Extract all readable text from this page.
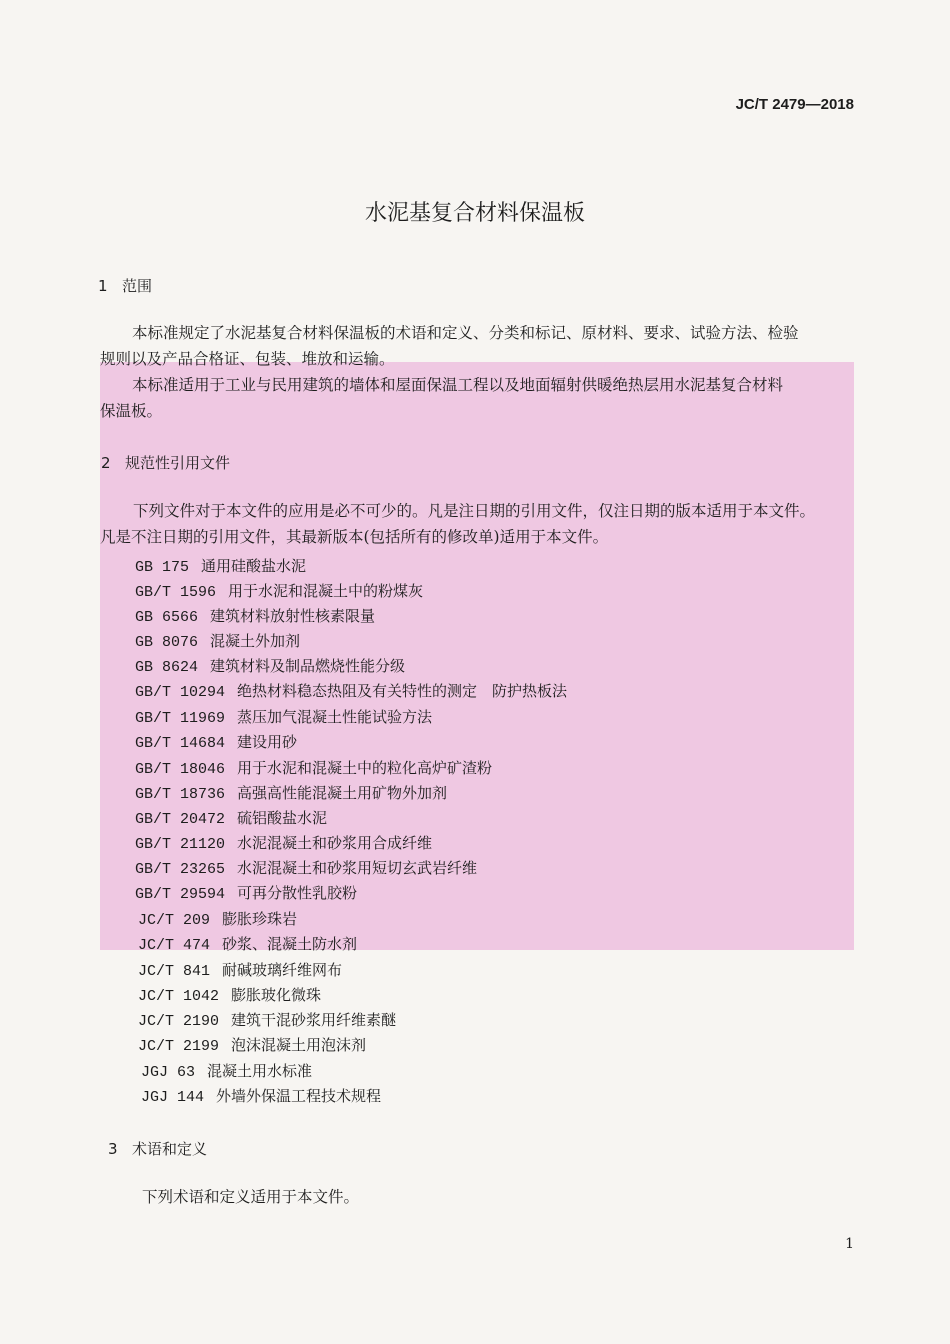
JC/T 2479—2018
水泥基复合材料保温板
1 范围
本标准规定了水泥基复合材料保温板的术语和定义、分类和标记、原材料、要求、试验方法、检验
规则以及产品合格证、包装、堆放和运输。
本标准适用于工业与民用建筑的墙体和屋面保温工程以及地面辐射供暖绝热层用水泥基复合材料
保温板。
2 规范性引用文件
下列文件对于本文件的应用是必不可少的。凡是注日期的引用文件，仅注日期的版本适用于本文件。
凡是不注日期的引用文件，其最新版本(包括所有的修改单)适用于本文件。
GB 175 通用硅酸盐水泥
GB/T 1596 用于水泥和混凝土中的粉煤灰
GB 6566 建筑材料放射性核素限量
GB 8076 混凝土外加剂
GB 8624 建筑材料及制品燃烧性能分级
GB/T 10294 绝热材料稳态热阻及有关特性的测定　防护热板法
GB/T 11969 蒸压加气混凝土性能试验方法
GB/T 14684 建设用砂
GB/T 18046 用于水泥和混凝土中的粒化高炉矿渣粉
GB/T 18736 高强高性能混凝土用矿物外加剂
GB/T 20472 硫铝酸盐水泥
GB/T 21120 水泥混凝土和砂浆用合成纤维
GB/T 23265 水泥混凝土和砂浆用短切玄武岩纤维
GB/T 29594 可再分散性乳胶粉
JC/T 209 膨胀珍珠岩
JC/T 474 砂浆、混凝土防水剂
JC/T 841 耐碱玻璃纤维网布
JC/T 1042 膨胀玻化微珠
JC/T 2190 建筑干混砂浆用纤维素醚
JC/T 2199 泡沫混凝土用泡沫剂
JGJ 63 混凝土用水标准
JGJ 144 外墙外保温工程技术规程
3 术语和定义
下列术语和定义适用于本文件。
1
